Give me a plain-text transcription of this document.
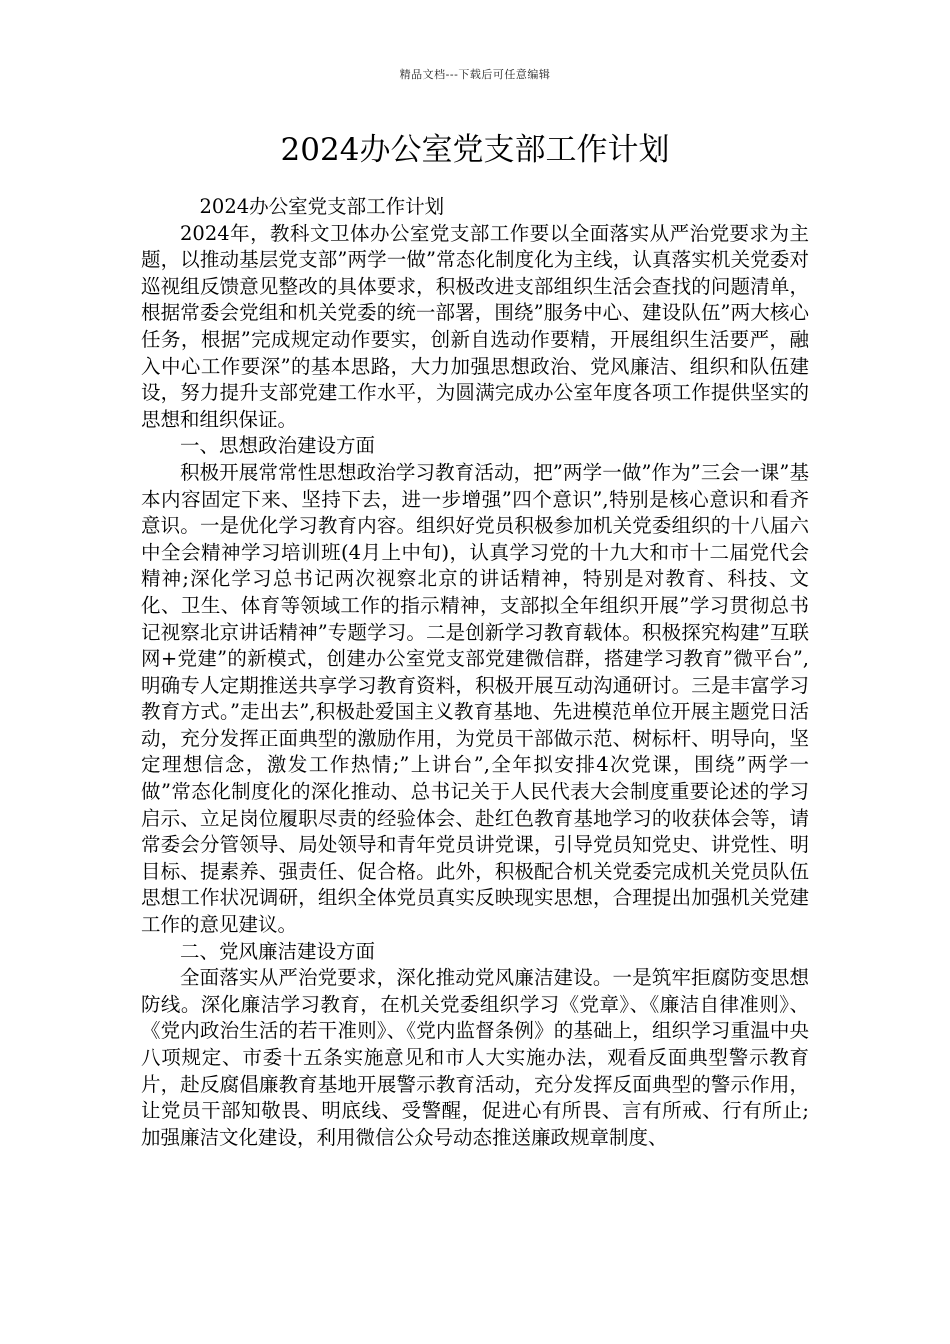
精品文档---下载后可任意编辑
2024办公室党支部工作计划

2024办公室党支部工作计划

2024年，教科文卫体办公室党支部工作要以全面落实从严治党要求为主题，以推动基层党支部”两学一做”常态化制度化为主线，认真落实机关党委对巡视组反馈意见整改的具体要求，积极改进支部组织生活会查找的问题清单，根据常委会党组和机关党委的统一部署，围绕”服务中心、建设队伍”两大核心任务，根据”完成规定动作要实，创新自选动作要精，开展组织生活要严，融入中心工作要深”的基本思路，大力加强思想政治、党风廉洁、组织和队伍建设，努力提升支部党建工作水平，为圆满完成办公室年度各项工作提供坚实的思想和组织保证。

一、思想政治建设方面

积极开展常常性思想政治学习教育活动，把”两学一做”作为”三会一课”基本内容固定下来、坚持下去，进一步增强”四个意识”,特别是核心意识和看齐意识。一是优化学习教育内容。组织好党员积极参加机关党委组织的十八届六中全会精神学习培训班(4月上中旬)，认真学习党的十九大和市十二届党代会精神;深化学习总书记两次视察北京的讲话精神，特别是对教育、科技、文化、卫生、体育等领域工作的指示精神，支部拟全年组织开展”学习贯彻总书记视察北京讲话精神”专题学习。二是创新学习教育载体。积极探究构建”互联网+党建”的新模式，创建办公室党支部党建微信群，搭建学习教育”微平台”,明确专人定期推送共享学习教育资料，积极开展互动沟通研讨。三是丰富学习教育方式。”走出去”,积极赴爱国主义教育基地、先进模范单位开展主题党日活动，充分发挥正面典型的激励作用，为党员干部做示范、树标杆、明导向，坚定理想信念，激发工作热情;”上讲台”,全年拟安排4次党课，围绕”两学一做”常态化制度化的深化推动、总书记关于人民代表大会制度重要论述的学习启示、立足岗位履职尽责的经验体会、赴红色教育基地学习的收获体会等，请常委会分管领导、局处领导和青年党员讲党课，引导党员知党史、讲党性、明目标、提素养、强责任、促合格。此外，积极配合机关党委完成机关党员队伍思想工作状况调研，组织全体党员真实反映现实思想，合理提出加强机关党建工作的意见建议。

二、党风廉洁建设方面

全面落实从严治党要求，深化推动党风廉洁建设。一是筑牢拒腐防变思想防线。深化廉洁学习教育，在机关党委组织学习《党章》、《廉洁自律准则》、《党内政治生活的若干准则》、《党内监督条例》的基础上，组织学习重温中央八项规定、市委十五条实施意见和市人大实施办法，观看反面典型警示教育片，赴反腐倡廉教育基地开展警示教育活动，充分发挥反面典型的警示作用，让党员干部知敬畏、明底线、受警醒，促进心有所畏、言有所戒、行有所止;加强廉洁文化建设，利用微信公众号动态推送廉政规章制度、
